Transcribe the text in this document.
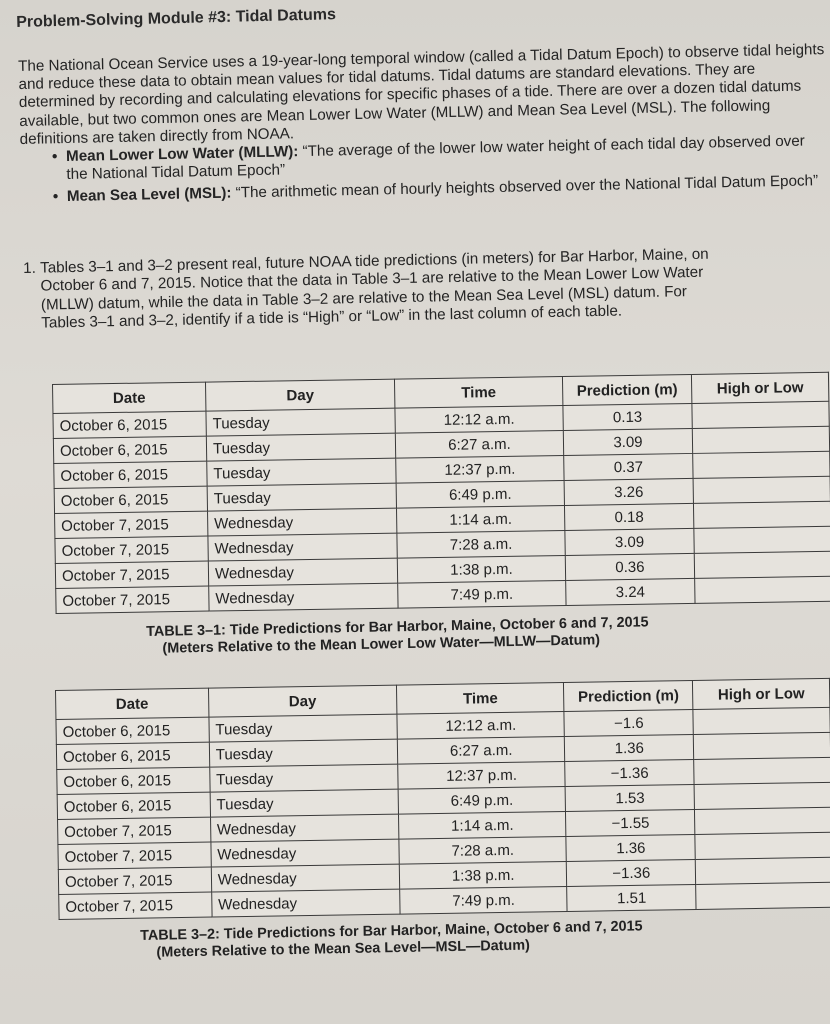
Problem-Solving Module #3: Tidal Datums

The National Ocean Service uses a 19-year-long temporal window (called a Tidal Datum Epoch) to observe tidal heights and reduce these data to obtain mean values for tidal datums. Tidal datums are standard elevations. They are determined by recording and calculating elevations for specific phases of a tide. There are over a dozen tidal datums available, but two common ones are Mean Lower Low Water (MLLW) and Mean Sea Level (MSL). The following definitions are taken directly from NOAA.

• Mean Lower Low Water (MLLW): “The average of the lower low water height of each tidal day observed over the National Tidal Datum Epoch”
• Mean Sea Level (MSL): “The arithmetic mean of hourly heights observed over the National Tidal Datum Epoch”
1. Tables 3–1 and 3–2 present real, future NOAA tide predictions (in meters) for Bar Harbor, Maine, on October 6 and 7, 2015. Notice that the data in Table 3–1 are relative to the Mean Lower Low Water (MLLW) datum, while the data in Table 3–2 are relative to the Mean Sea Level (MSL) datum. For Tables 3–1 and 3–2, identify if a tide is “High” or “Low” in the last column of each table.
Date	Day	Time	Prediction (m)	High or Low
October 6, 2015	Tuesday	12:12 a.m.	0.13	
October 6, 2015	Tuesday	6:27 a.m.	3.09	
October 6, 2015	Tuesday	12:37 p.m.	0.37	
October 6, 2015	Tuesday	6:49 p.m.	3.26	
October 7, 2015	Wednesday	1:14 a.m.	0.18	
October 7, 2015	Wednesday	7:28 a.m.	3.09	
October 7, 2015	Wednesday	1:38 p.m.	0.36	
October 7, 2015	Wednesday	7:49 p.m.	3.24	
TABLE 3–1: Tide Predictions for Bar Harbor, Maine, October 6 and 7, 2015
(Meters Relative to the Mean Lower Low Water—MLLW—Datum)
Date	Day	Time	Prediction (m)	High or Low
October 6, 2015	Tuesday	12:12 a.m.	−1.6	
October 6, 2015	Tuesday	6:27 a.m.	1.36	
October 6, 2015	Tuesday	12:37 p.m.	−1.36	
October 6, 2015	Tuesday	6:49 p.m.	1.53	
October 7, 2015	Wednesday	1:14 a.m.	−1.55	
October 7, 2015	Wednesday	7:28 a.m.	1.36	
October 7, 2015	Wednesday	1:38 p.m.	−1.36	
October 7, 2015	Wednesday	7:49 p.m.	1.51	
TABLE 3–2: Tide Predictions for Bar Harbor, Maine, October 6 and 7, 2015
(Meters Relative to the Mean Sea Level—MSL—Datum)
